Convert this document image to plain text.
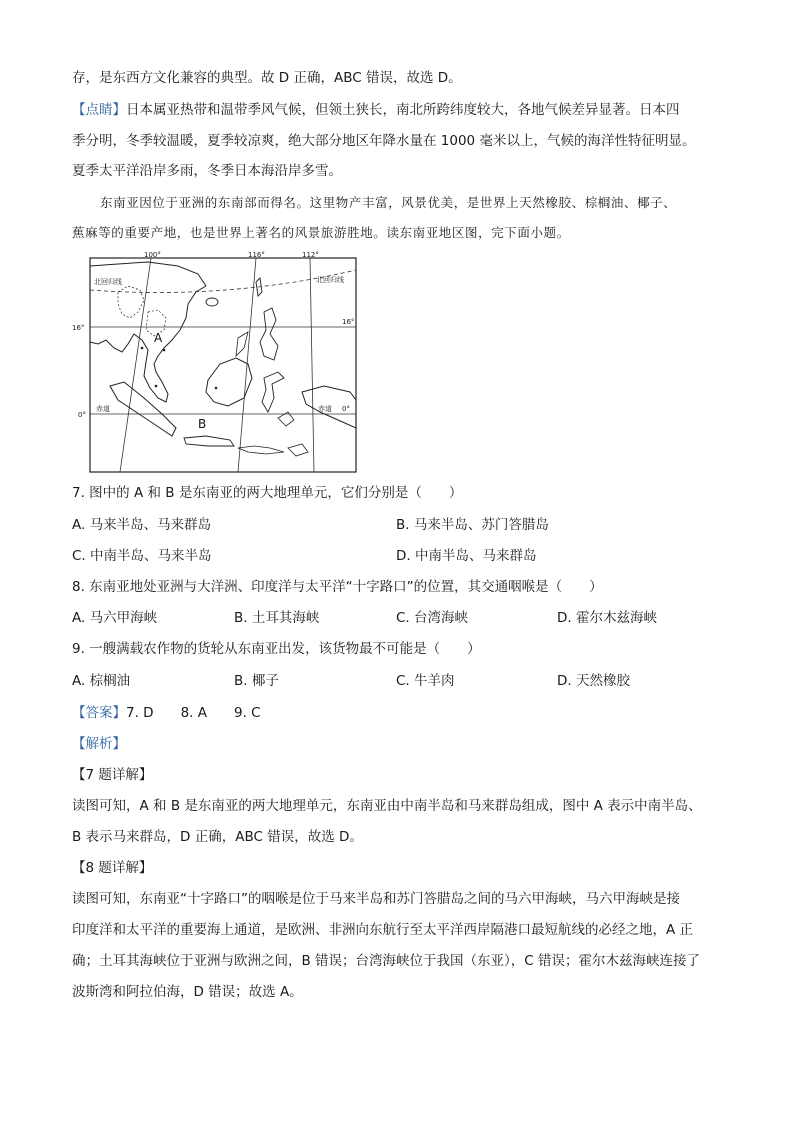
存，是东西方文化兼容的典型。故 D 正确，ABC 错误，故选 D。
【点睛】日本属亚热带和温带季风气候，但领土狭长，南北所跨纬度较大，各地气候差异显著。日本四
季分明，冬季较温暖，夏季较凉爽，绝大部分地区年降水量在 1000 毫米以上，气候的海洋性特征明显。
夏季太平洋沿岸多雨，冬季日本海沿岸多雪。
东南亚因位于亚洲的东南部而得名。这里物产丰富，风景优美，是世界上天然橡胶、棕榈油、椰子、
蕉麻等的重要产地，也是世界上著名的风景旅游胜地。读东南亚地区图，完下面小题。
100°	116°	112°
16°
16°
0°
0°
北回归线	北回归线
赤道	赤道
A
B
7. 图中的 A 和 B 是东南亚的两大地理单元，它们分别是（　　）
A. 马来半岛、马来群岛	B. 马来半岛、苏门答腊岛
C. 中南半岛、马来半岛	D. 中南半岛、马来群岛
8. 东南亚地处亚洲与大洋洲、印度洋与太平洋“十字路口”的位置，其交通咽喉是（　　）
A. 马六甲海峡	B. 土耳其海峡	C. 台湾海峡	D. 霍尔木兹海峡
9. 一艘满载农作物的货轮从东南亚出发，该货物最不可能是（　　）
A. 棕榈油	B. 椰子	C. 牛羊肉	D. 天然橡胶
【答案】7. D　　8. A　　9. C
【解析】
【7 题详解】
读图可知，A 和 B 是东南亚的两大地理单元，东南亚由中南半岛和马来群岛组成，图中 A 表示中南半岛、
B 表示马来群岛，D 正确，ABC 错误，故选 D。
【8 题详解】
读图可知，东南亚“十字路口”的咽喉是位于马来半岛和苏门答腊岛之间的马六甲海峡，马六甲海峡是接
印度洋和太平洋的重要海上通道，是欧洲、非洲向东航行至太平洋西岸隔港口最短航线的必经之地，A 正
确；土耳其海峡位于亚洲与欧洲之间，B 错误；台湾海峡位于我国（东亚），C 错误；霍尔木兹海峡连接了
波斯湾和阿拉伯海，D 错误；故选 A。
